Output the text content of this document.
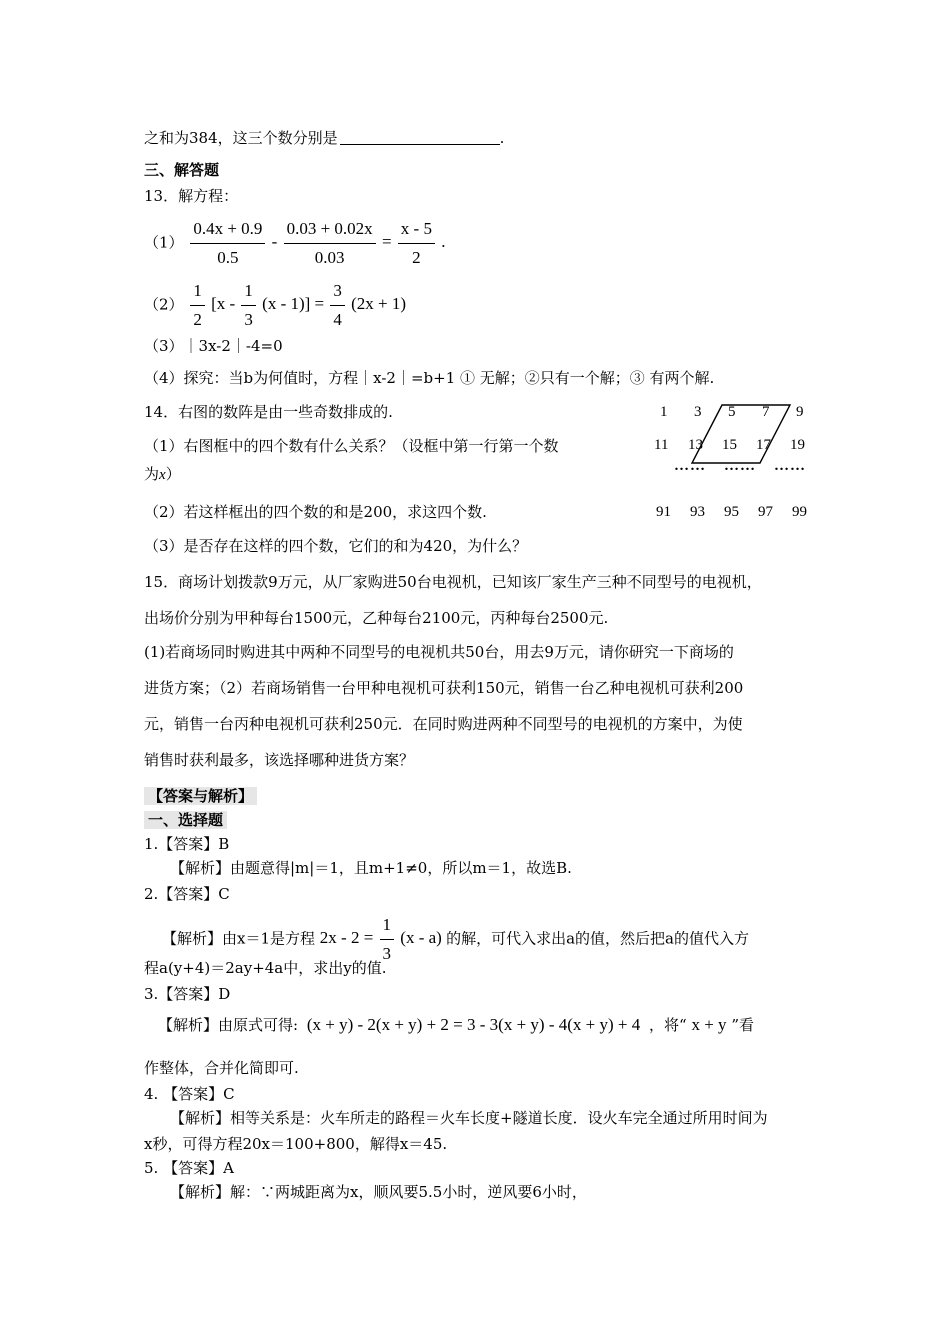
之和为384，这三个数分别是	.
三、解答题
13．解方程：
$(1) \frac{0.4x + 0.9}{0.5} - \frac{0.03 + 0.02x}{0.03} = \frac{x - 5}{2}$ .
$(2) \frac{1}{2} [x - \frac{1}{3} (x - 1)] = \frac{3}{4} (2x + 1)$
（3）｜3x-2｜-4=0
（4）探究：当b为何值时，方程｜x-2｜=b+1 ① 无解；②只有一个解；③ 有两个解.
14．右图的数阵是由一些奇数排成的.
（1）右图框中的四个数有什么关系？（设框中第一行第一个数
为x）
（2）若这样框出的四个数的和是200，求这四个数.
（3）是否存在这样的四个数，它们的和为420，为什么？
1 3 5 7 9
11 13 15 17 19
…… …… ……
91 93 95 97 99
15．商场计划拨款9万元，从厂家购进50台电视机，已知该厂家生产三种不同型号的电视机，
出场价分别为甲种每台1500元，乙种每台2100元，丙种每台2500元.
(1)若商场同时购进其中两种不同型号的电视机共50台，用去9万元，请你研究一下商场的
进货方案；（2）若商场销售一台甲种电视机可获利150元，销售一台乙种电视机可获利200
元，销售一台丙种电视机可获利250元．在同时购进两种不同型号的电视机的方案中，为使
销售时获利最多，该选择哪种进货方案？
【答案与解析】
一、选择题
1.【答案】B
【解析】由题意得|m|＝1，且m+1≠0，所以m＝1，故选B.
2.【答案】C
【解析】由x＝1是方程 $2x - 2 = \frac{1}{3} (x - a)$ 的解，可代入求出a的值，然后把a的值代入方
程a(y+4)＝2ay+4a中，求出y的值.
3.【答案】D
【解析】由原式可得: (x + y) - 2(x + y) + 2 = 3 - 3(x + y) - 4(x + y) + 4 ，将“ x + y ”看
作整体，合并化简即可.
4. 【答案】C
【解析】相等关系是：火车所走的路程＝火车长度+隧道长度．设火车完全通过所用时间为
x秒，可得方程20x＝100+800，解得x＝45.
5. 【答案】A
【解析】解：∵两城距离为x，顺风要5.5小时，逆风要6小时，
